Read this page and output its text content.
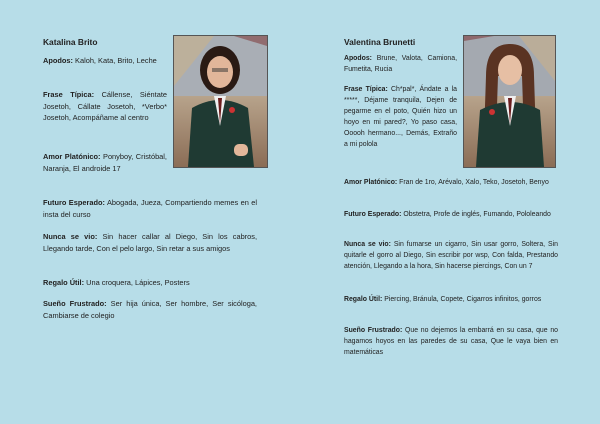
Katalina Brito
Apodos: Kaloh, Kata, Brito, Leche
Frase Típica: Cállense, Siéntate Josetoh, Cállate Josetoh, *Verbo* Josetoh, Acompáñame al centro
Amor Platónico: Ponyboy, Cristóbal, Naranja, El androide 17
Futuro Esperado: Abogada, Jueza, Compartiendo memes en el insta del curso
Nunca se vio: Sin hacer callar al Diego, Sin los cabros, Llegando tarde, Con el pelo largo, Sin retar a sus amigos
Regalo Útil: Una croquera, Lápices, Posters
Sueño Frustrado: Ser hija única, Ser hombre, Ser sicóloga, Cambiarse de colegio
Valentina Brunetti
Apodos: Brune, Valota, Camiona, Fumetita, Rucia
Frase Típica: Ch*pal*, Ándate a la *****, Déjame tranquila, Dejen de pegarme en el poto, Quién hizo un hoyo en mi pared?, Yo paso casa, Ooooh hermano..., Demás, Extraño a mi polola
Amor Platónico: Fran de 1ro, Arévalo, Xalo, Teko, Josetoh, Benyo
Futuro Esperado: Obstetra, Profe de inglés, Fumando, Pololeando
Nunca se vio: Sin fumarse un cigarro, Sin usar gorro, Soltera, Sin quitarle el gorro al Diego, Sin escribir por wsp, Con falda, Prestando atención, Llegando a la hora, Sin hacerse piercings, Con un 7
Regalo Útil: Piercing, Bránula, Copete, Cigarros infinitos, gorros
Sueño Frustrado: Que no dejemos la embarrá en su casa, que no hagamos hoyos en las paredes de su casa, Que le vaya bien en matemáticas
